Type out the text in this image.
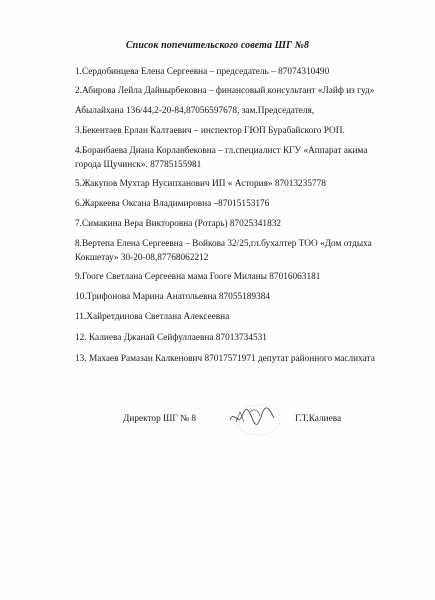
Список попечительского совета ШГ №8
1.Сердобинцева Елена Сергеевна – председатель – 87074310490
2.Абирова Лейла Дайнырбековна – финансовый консультант «Лайф из гуд»
Абылайхана 136/44,2-20-84,87056597678, зам.Председателя,
3.Бекентаев Ерлан Калтаевич – инспектор ГЮП Бурабайского РОП.
4.Боранбаева Диана Корланбековна – гл.специалист КГУ «Аппарат акима
города Щучинск». 87785155981
5.Жакупов Мухтар Нусипханович ИП « Астория» 87013235778
6.Жаркеева Оксана Владимировна –87015153176
7.Симакина Вера Викторовна (Ротарь) 87025341832
8.Вертепа Елена Сергеевна – Войкова 32/25,гл.бухалтер ТОО «Дом отдыха
Кокшетау» 30-20-08,87768062212
9.Гооге Светлана Сергеевна мама Гооге Миланы 87016063181
10.Трифонова Марина Анатольевна 87055189384
11.Хайретдинова Светлана Алексеевна
12. Калиева Джанай Сейфуллаевна 87013734531
13. Махаев Рамазан Калкенович 87017571971 депутат районного маслихата
Директор ШГ № 8	Г.Т.Калиева
